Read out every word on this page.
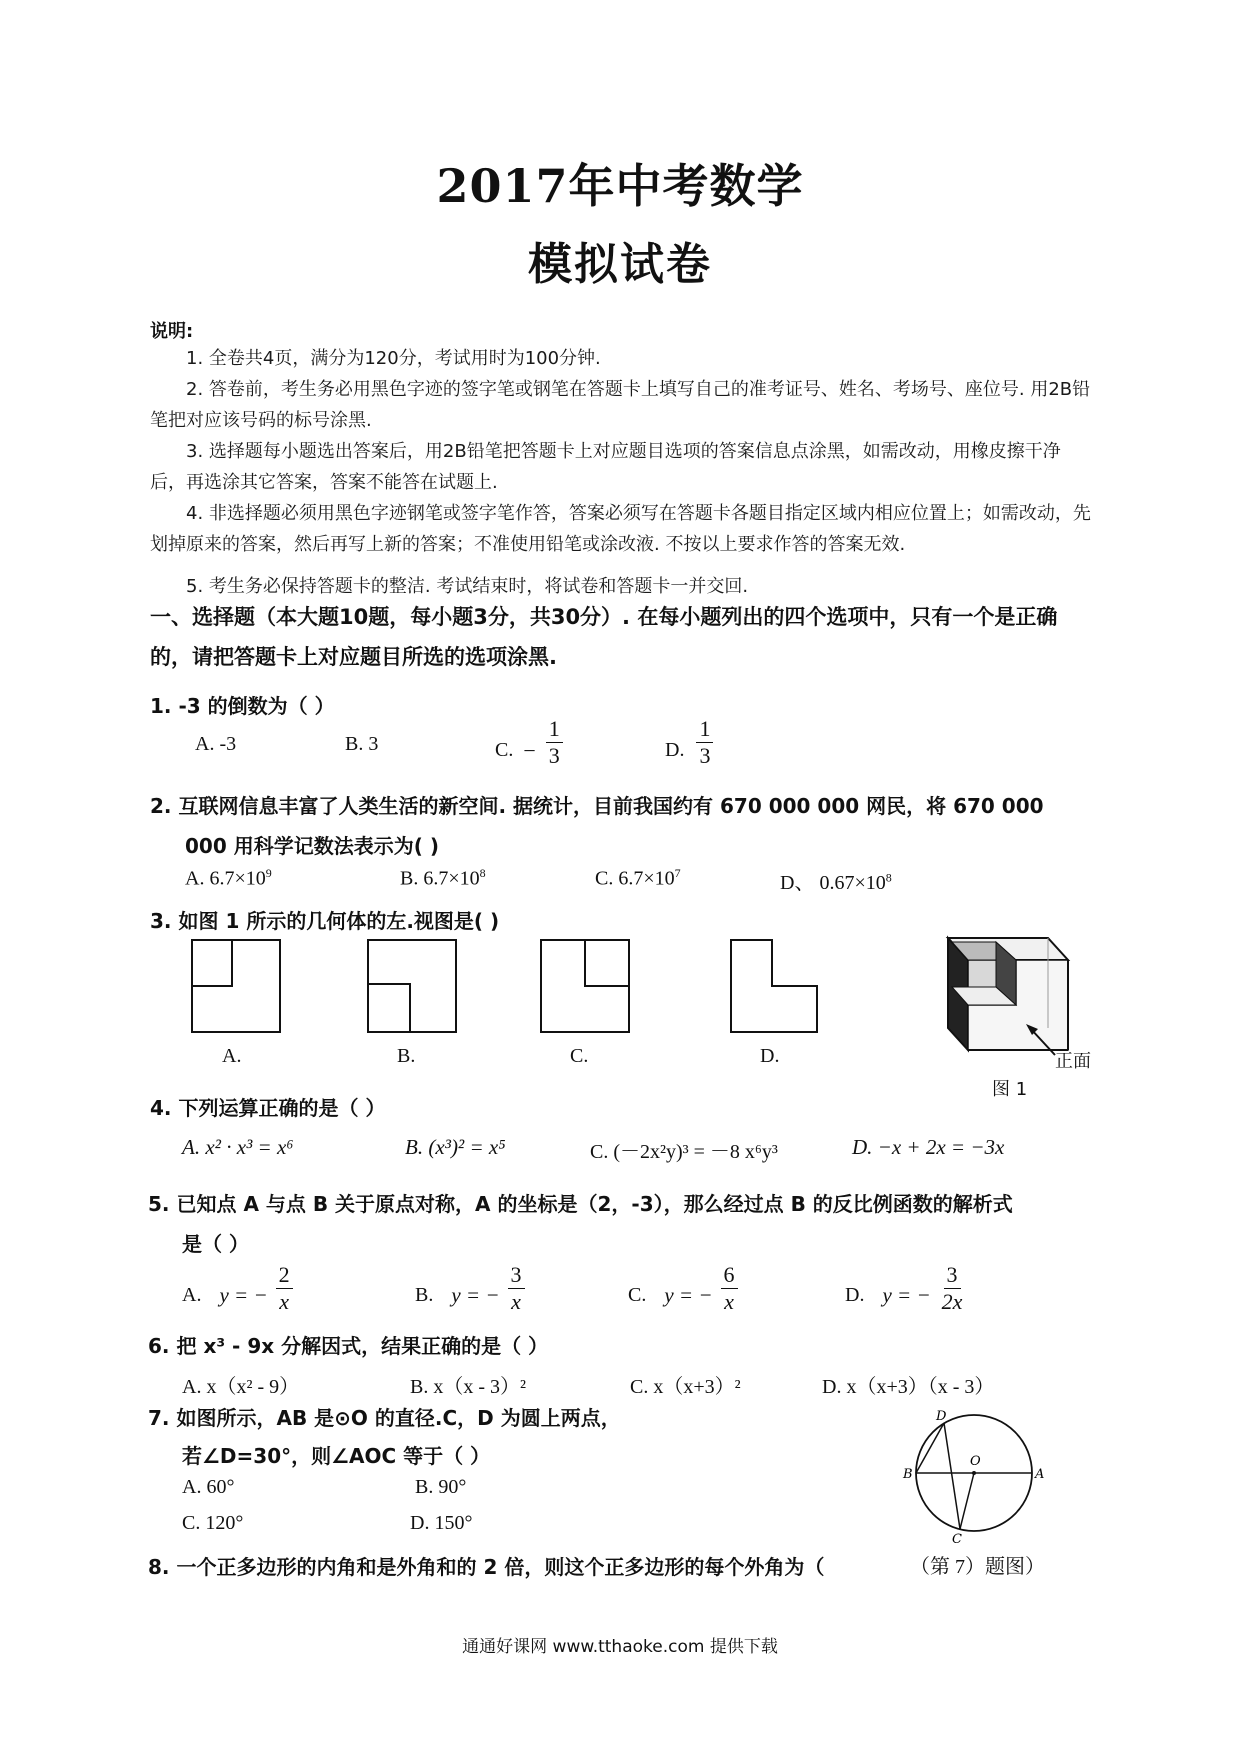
2017年中考数学
模拟试卷
说明:
1. 全卷共4页，满分为120分，考试用时为100分钟.
2. 答卷前，考生务必用黑色字迹的签字笔或钢笔在答题卡上填写自己的准考证号、姓名、考场号、座位号. 用2B铅笔把对应该号码的标号涂黑.
3. 选择题每小题选出答案后，用2B铅笔把答题卡上对应题目选项的答案信息点涂黑，如需改动，用橡皮擦干净后，再选涂其它答案，答案不能答在试题上.
4. 非选择题必须用黑色字迹钢笔或签字笔作答，答案必须写在答题卡各题目指定区域内相应位置上；如需改动，先划掉原来的答案，然后再写上新的答案；不准使用铅笔或涂改液. 不按以上要求作答的答案无效.
5. 考生务必保持答题卡的整洁. 考试结束时，将试卷和答题卡一并交回.
一、选择题（本大题10题，每小题3分，共30分）. 在每小题列出的四个选项中，只有一个是正确的，请把答题卡上对应题目所选的选项涂黑.
1. -3 的倒数为（ ）
A. -3	B. 3	C. − $\frac{1}{3}$	D. $\frac{1}{3}$
2. 互联网信息丰富了人类生活的新空间. 据统计，目前我国约有 670 000 000 网民，将 670 000
000 用科学记数法表示为( )
A. $6.7\times 10^9$	B. $6.7\times 10^8$	C. $6.7\times 10^7$	D、 $0.67\times 10^8$
3. 如图 1 所示的几何体的左.视图是( )
A.	B.	C.	D.	正面
图 1
4. 下列运算正确的是（ ）
A. x² · x³ = x⁶	B. (x³)² = x⁵	C. (－2x²y)³ = －8 x⁶y³	D. −x + 2x = −3x
5. 已知点 A 与点 B 关于原点对称，A 的坐标是（2，-3），那么经过点 B 的反比例函数的解析式
是（ ）
A. y = − $\frac{2}{x}$	B. y = − $\frac{3}{x}$	C. y = − $\frac{6}{x}$	D. y = − $\frac{3}{2x}$
6. 把 x³ - 9x 分解因式，结果正确的是（ ）
A. x（x² - 9）	B. x（x - 3）²	C. x（x+3）²	D. x（x+3）（x - 3）
7. 如图所示，AB 是⊙O 的直径.C，D 为圆上两点，
若∠D=30°，则∠AOC 等于（ ）
A. 60°	B. 90°
C. 120°	D. 150°
D
O
B	A
C
8. 一个正多边形的内角和是外角和的 2 倍，则这个正多边形的每个外角为（	（第 7）题图）
通通好课网 www.tthaoke.com 提供下载
